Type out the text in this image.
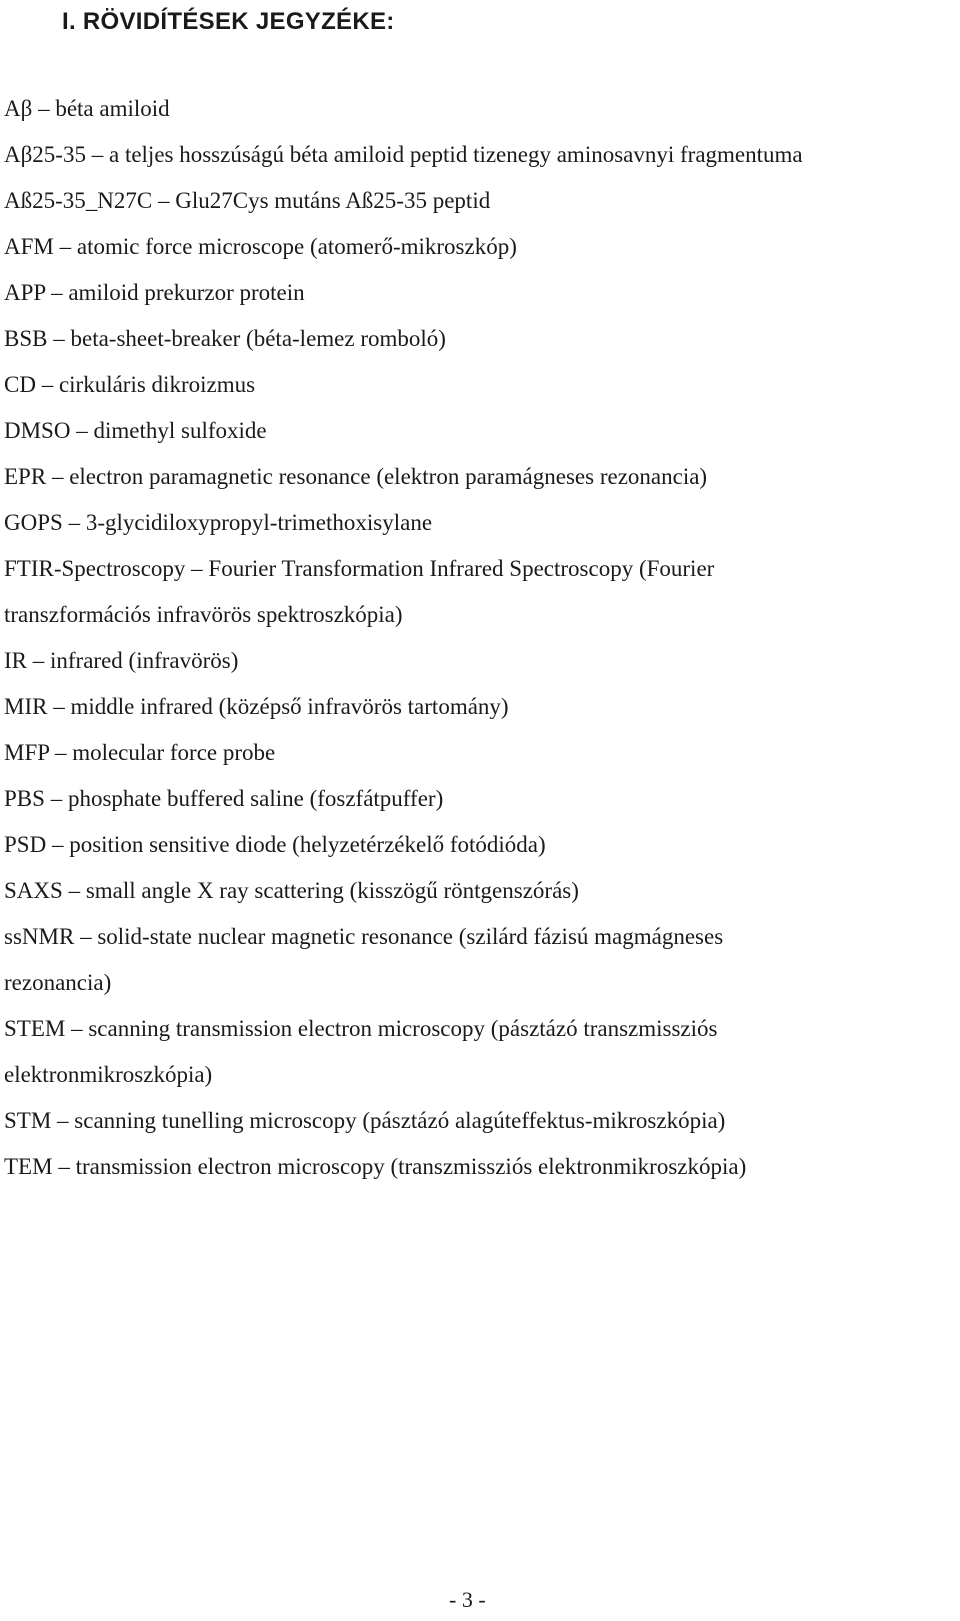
I. RÖVIDÍTÉSEK JEGYZÉKE:
Aβ – béta amiloid
Aβ25-35 – a teljes hosszúságú béta amiloid peptid tizenegy aminosavnyi fragmentuma
Aß25-35_N27C – Glu27Cys mutáns Aß25-35 peptid
AFM – atomic force microscope (atomerő-mikroszkóp)
APP – amiloid prekurzor protein
BSB – beta-sheet-breaker (béta-lemez romboló)
CD – cirkuláris dikroizmus
DMSO – dimethyl sulfoxide
EPR – electron paramagnetic resonance (elektron paramágneses rezonancia)
GOPS – 3-glycidiloxypropyl-trimethoxisylane
FTIR-Spectroscopy – Fourier Transformation Infrared Spectroscopy (Fourier
transzformációs infravörös spektroszkópia)
IR – infrared (infravörös)
MIR – middle infrared (középső infravörös tartomány)
MFP – molecular force probe
PBS – phosphate buffered saline (foszfátpuffer)
PSD – position sensitive diode (helyzetérzékelő fotódióda)
SAXS – small angle X ray scattering (kisszögű röntgenszórás)
ssNMR – solid-state nuclear magnetic resonance (szilárd fázisú magmágneses
rezonancia)
STEM – scanning transmission electron microscopy (pásztázó transzmissziós
elektronmikroszkópia)
STM – scanning tunelling microscopy (pásztázó alagúteffektus-mikroszkópia)
TEM – transmission electron microscopy (transzmissziós elektronmikroszkópia)
- 3 -
